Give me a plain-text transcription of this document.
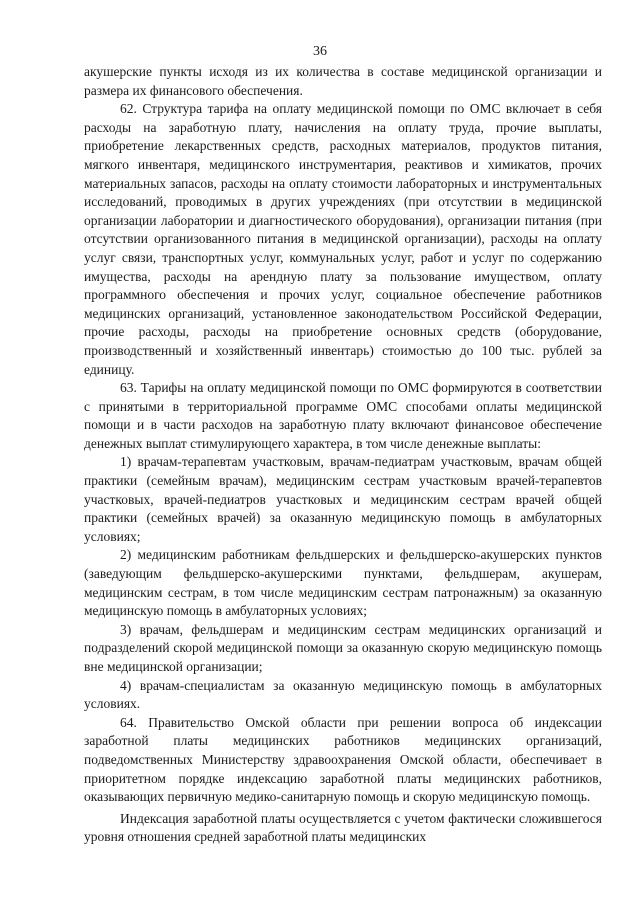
36

акушерские пункты исходя из их количества в составе медицинской организации и размера их финансового обеспечения.

62. Структура тарифа на оплату медицинской помощи по ОМС включает в себя расходы на заработную плату, начисления на оплату труда, прочие выплаты, приобретение лекарственных средств, расходных материалов, продуктов питания, мягкого инвентаря, медицинского инструментария, реактивов и химикатов, прочих материальных запасов, расходы на оплату стоимости лабораторных и инструментальных исследований, проводимых в других учреждениях (при отсутствии в медицинской организации лаборатории и диагностического оборудования), организации питания (при отсутствии организованного питания в медицинской организации), расходы на оплату услуг связи, транспортных услуг, коммунальных услуг, работ и услуг по содержанию имущества, расходы на арендную плату за пользование имуществом, оплату программного обеспечения и прочих услуг, социальное обеспечение работников медицинских организаций, установленное законодательством Российской Федерации, прочие расходы, расходы на приобретение основных средств (оборудование, производственный и хозяйственный инвентарь) стоимостью до 100 тыс. рублей за единицу.

63. Тарифы на оплату медицинской помощи по ОМС формируются в соответствии с принятыми в территориальной программе ОМС способами оплаты медицинской помощи и в части расходов на заработную плату включают финансовое обеспечение денежных выплат стимулирующего характера, в том числе денежные выплаты:

1) врачам-терапевтам участковым, врачам-педиатрам участковым, врачам общей практики (семейным врачам), медицинским сестрам участковым врачей-терапевтов участковых, врачей-педиатров участковых и медицинским сестрам врачей общей практики (семейных врачей) за оказанную медицинскую помощь в амбулаторных условиях;

2) медицинским работникам фельдшерских и фельдшерско-акушерских пунктов (заведующим фельдшерско-акушерскими пунктами, фельдшерам, акушерам, медицинским сестрам, в том числе медицинским сестрам патронажным) за оказанную медицинскую помощь в амбулаторных условиях;

3) врачам, фельдшерам и медицинским сестрам медицинских организаций и подразделений скорой медицинской помощи за оказанную скорую медицинскую помощь вне медицинской организации;

4) врачам-специалистам за оказанную медицинскую помощь в амбулаторных условиях.

64. Правительство Омской области при решении вопроса об индексации заработной платы медицинских работников медицинских организаций, подведомственных Министерству здравоохранения Омской области, обеспечивает в приоритетном порядке индексацию заработной платы медицинских работников, оказывающих первичную медико-санитарную помощь и скорую медицинскую помощь.

Индексация заработной платы осуществляется с учетом фактически сложившегося уровня отношения средней заработной платы медицинских
